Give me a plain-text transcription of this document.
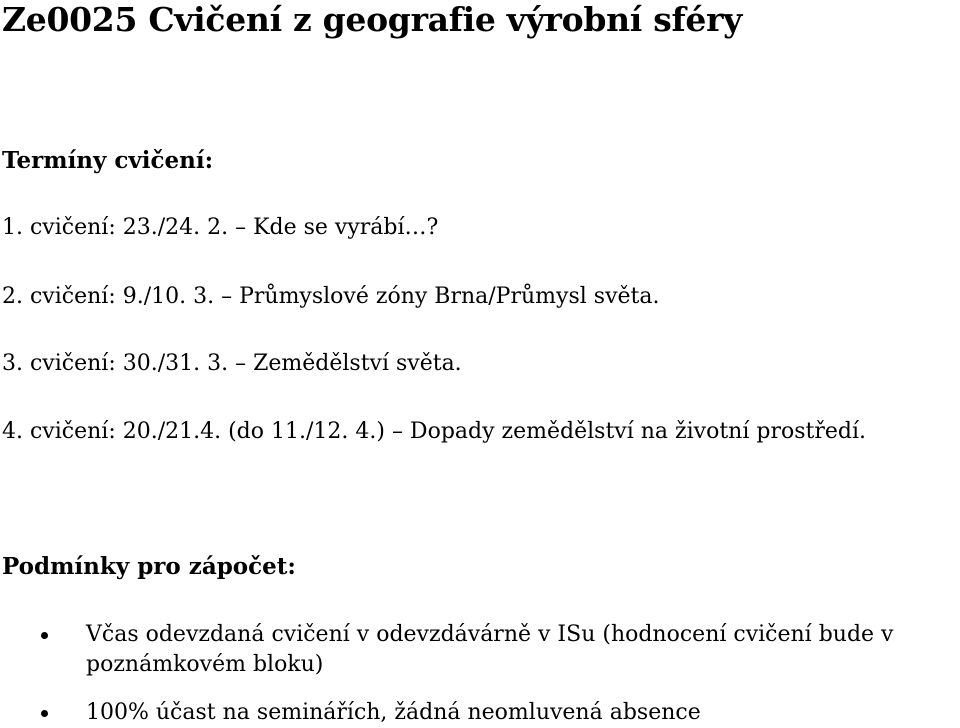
Ze0025 Cvičení z geografie výrobní sféry
Termíny cvičení:
1. cvičení: 23./24. 2. – Kde se vyrábí…?
2. cvičení: 9./10. 3. – Průmyslové zóny Brna/Průmysl světa.
3. cvičení: 30./31. 3. – Zemědělství světa.
4. cvičení: 20./21.4. (do 11./12. 4.) – Dopady zemědělství na životní prostředí.
Podmínky pro zápočet:
Včas odevzdaná cvičení v odevzdávárně v ISu (hodnocení cvičení bude v poznámkovém bloku)
100% účast na seminářích, žádná neomluvená absence
